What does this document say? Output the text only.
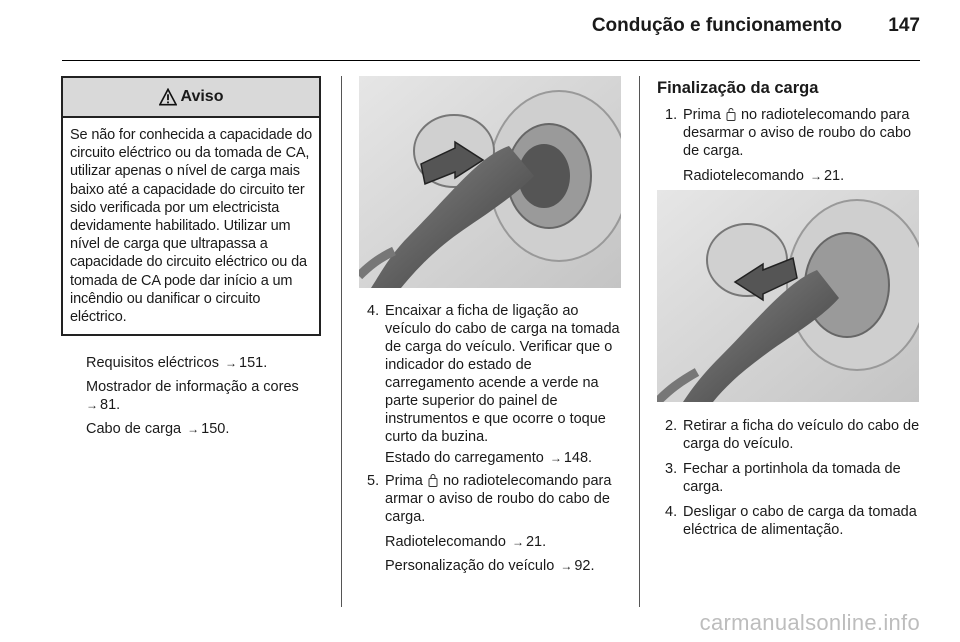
Condução e funcionamento 147
Aviso

Se não for conhecida a capacidade do circuito eléctrico ou da tomada de CA, utilizar apenas o nível de carga mais baixo até a capacidade do circuito ter sido verificada por um electricista devidamente habilitado. Utilizar um nível de carga que ultrapassa a capacidade do circuito eléctrico ou da tomada de CA pode dar início a um incêndio ou danificar o circuito eléctrico.

Requisitos eléctricos → 151.

Mostrador de informação a cores
→ 81.

Cabo de carga → 150.

4. Encaixar a ficha de ligação ao veículo do cabo de carga na tomada de carga do veículo. Verificar que o indicador do estado de carregamento acende a verde na parte superior do painel de instrumentos e que ocorre o toque curto da buzina.
Estado do carregamento → 148.
5. Prima no radiotelecomando para armar o aviso de roubo do cabo de carga.
Radiotelecomando → 21.
Personalização do veículo → 92.
Finalização da carga
1. Prima no radiotelecomando para desarmar o aviso de roubo do cabo de carga.
Radiotelecomando → 21.
2. Retirar a ficha do veículo do cabo de carga do veículo.
3. Fechar a portinhola da tomada de carga.
4. Desligar o cabo de carga da tomada eléctrica de alimentação.
carmanualsonline.info
